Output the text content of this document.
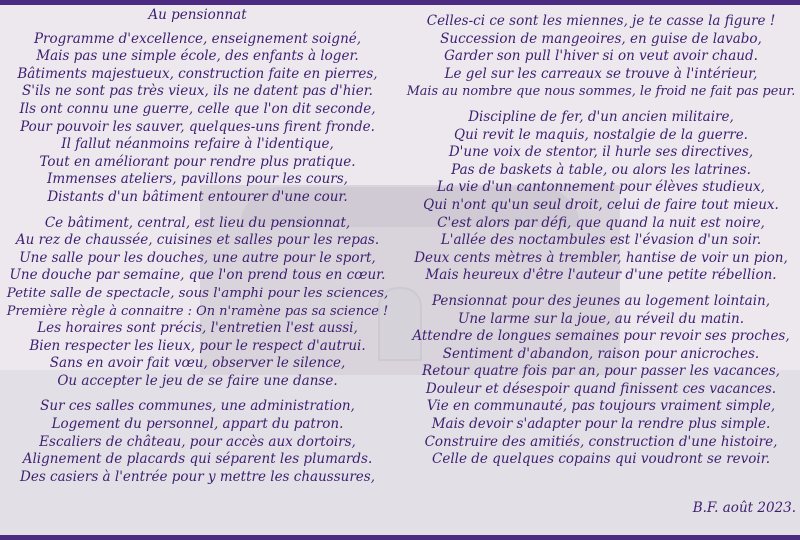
Au pensionnat
Programme d'excellence, enseignement soigné,
Mais pas une simple école, des enfants à loger.
Bâtiments majestueux, construction faite en pierres,
S'ils ne sont pas très vieux, ils ne datent pas d'hier.
Ils ont connu une guerre, celle que l'on dit seconde,
Pour pouvoir les sauver, quelques-uns firent fronde.
Il fallut néanmoins refaire à l'identique,
Tout en améliorant pour rendre plus pratique.
Immenses ateliers, pavillons pour les cours,
Distants d'un bâtiment entourer d'une cour.
Ce bâtiment, central, est lieu du pensionnat,
Au rez de chaussée, cuisines et salles pour les repas.
Une salle pour les douches, une autre pour le sport,
Une douche par semaine, que l'on prend tous en cœur.
Petite salle de spectacle, sous l'amphi pour les sciences,
Première règle à connaitre : On n'ramène pas sa science !
Les horaires sont précis, l'entretien l'est aussi,
Bien respecter les lieux, pour le respect d'autrui.
Sans en avoir fait vœu, observer le silence,
Ou accepter le jeu de se faire une danse.
Sur ces salles communes, une administration,
Logement du personnel, appart du patron.
Escaliers de château, pour accès aux dortoirs,
Alignement de placards qui séparent les plumards.
Des casiers à l'entrée pour y mettre les chaussures,
Celles-ci ce sont les miennes, je te casse la figure !
Succession de mangeoires, en guise de lavabo,
Garder son pull l'hiver si on veut avoir chaud.
Le gel sur les carreaux se trouve à l'intérieur,
Mais au nombre que nous sommes, le froid ne fait pas peur.
Discipline de fer, d'un ancien militaire,
Qui revit le maquis, nostalgie de la guerre.
D'une voix de stentor, il hurle ses directives,
Pas de baskets à table, ou alors les latrines.
La vie d'un cantonnement pour élèves studieux,
Qui n'ont qu'un seul droit, celui de faire tout mieux.
C'est alors par défi, que quand la nuit est noire,
L'allée des noctambules est l'évasion d'un soir.
Deux cents mètres à trembler, hantise de voir un pion,
Mais heureux d'être l'auteur d'une petite rébellion.
Pensionnat pour des jeunes au logement lointain,
Une larme sur la joue, au réveil du matin.
Attendre de longues semaines pour revoir ses proches,
Sentiment d'abandon, raison pour anicroches.
Retour quatre fois par an, pour passer les vacances,
Douleur et désespoir quand finissent ces vacances.
Vie en communauté, pas toujours vraiment simple,
Mais devoir s'adapter pour la rendre plus simple.
Construire des amitiés, construction d'une histoire,
Celle de quelques copains qui voudront se revoir.
B.F. août 2023.
